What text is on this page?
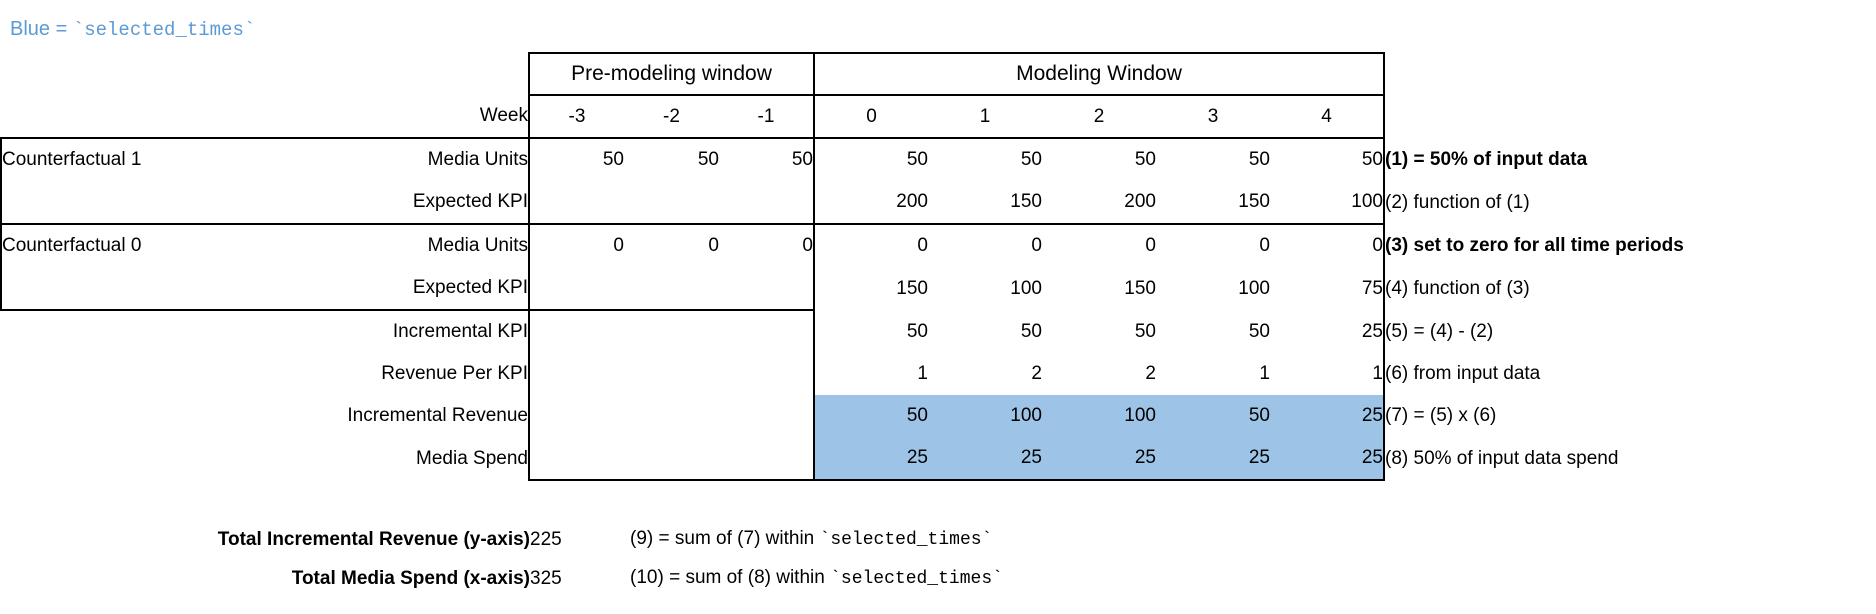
Blue = `selected_times`
		Pre-modeling window			Modeling Window					
	Week	-3	-2	-1	0	1	2	3	4	
Counterfactual 1	Media Units	50	50	50	50	50	50	50	50	(1) = 50% of input data
	Expected KPI				200	150	200	150	100	(2) function of (1)
Counterfactual 0	Media Units	0	0	0	0	0	0	0	0	(3) set to zero for all time periods
	Expected KPI				150	100	150	100	75	(4) function of (3)
	Incremental KPI				50	50	50	50	25	(5) = (4) - (2)
	Revenue Per KPI				1	2	2	1	1	(6) from input data
	Incremental Revenue				50	100	100	50	25	(7) = (5) x (6)
	Media Spend				25	25	25	25	25	(8) 50% of input data spend
Total Incremental Revenue (y-axis)	225	(9) = sum of (7) within `selected_times`
Total Media Spend (x-axis)	325	(10) = sum of (8) within `selected_times`
